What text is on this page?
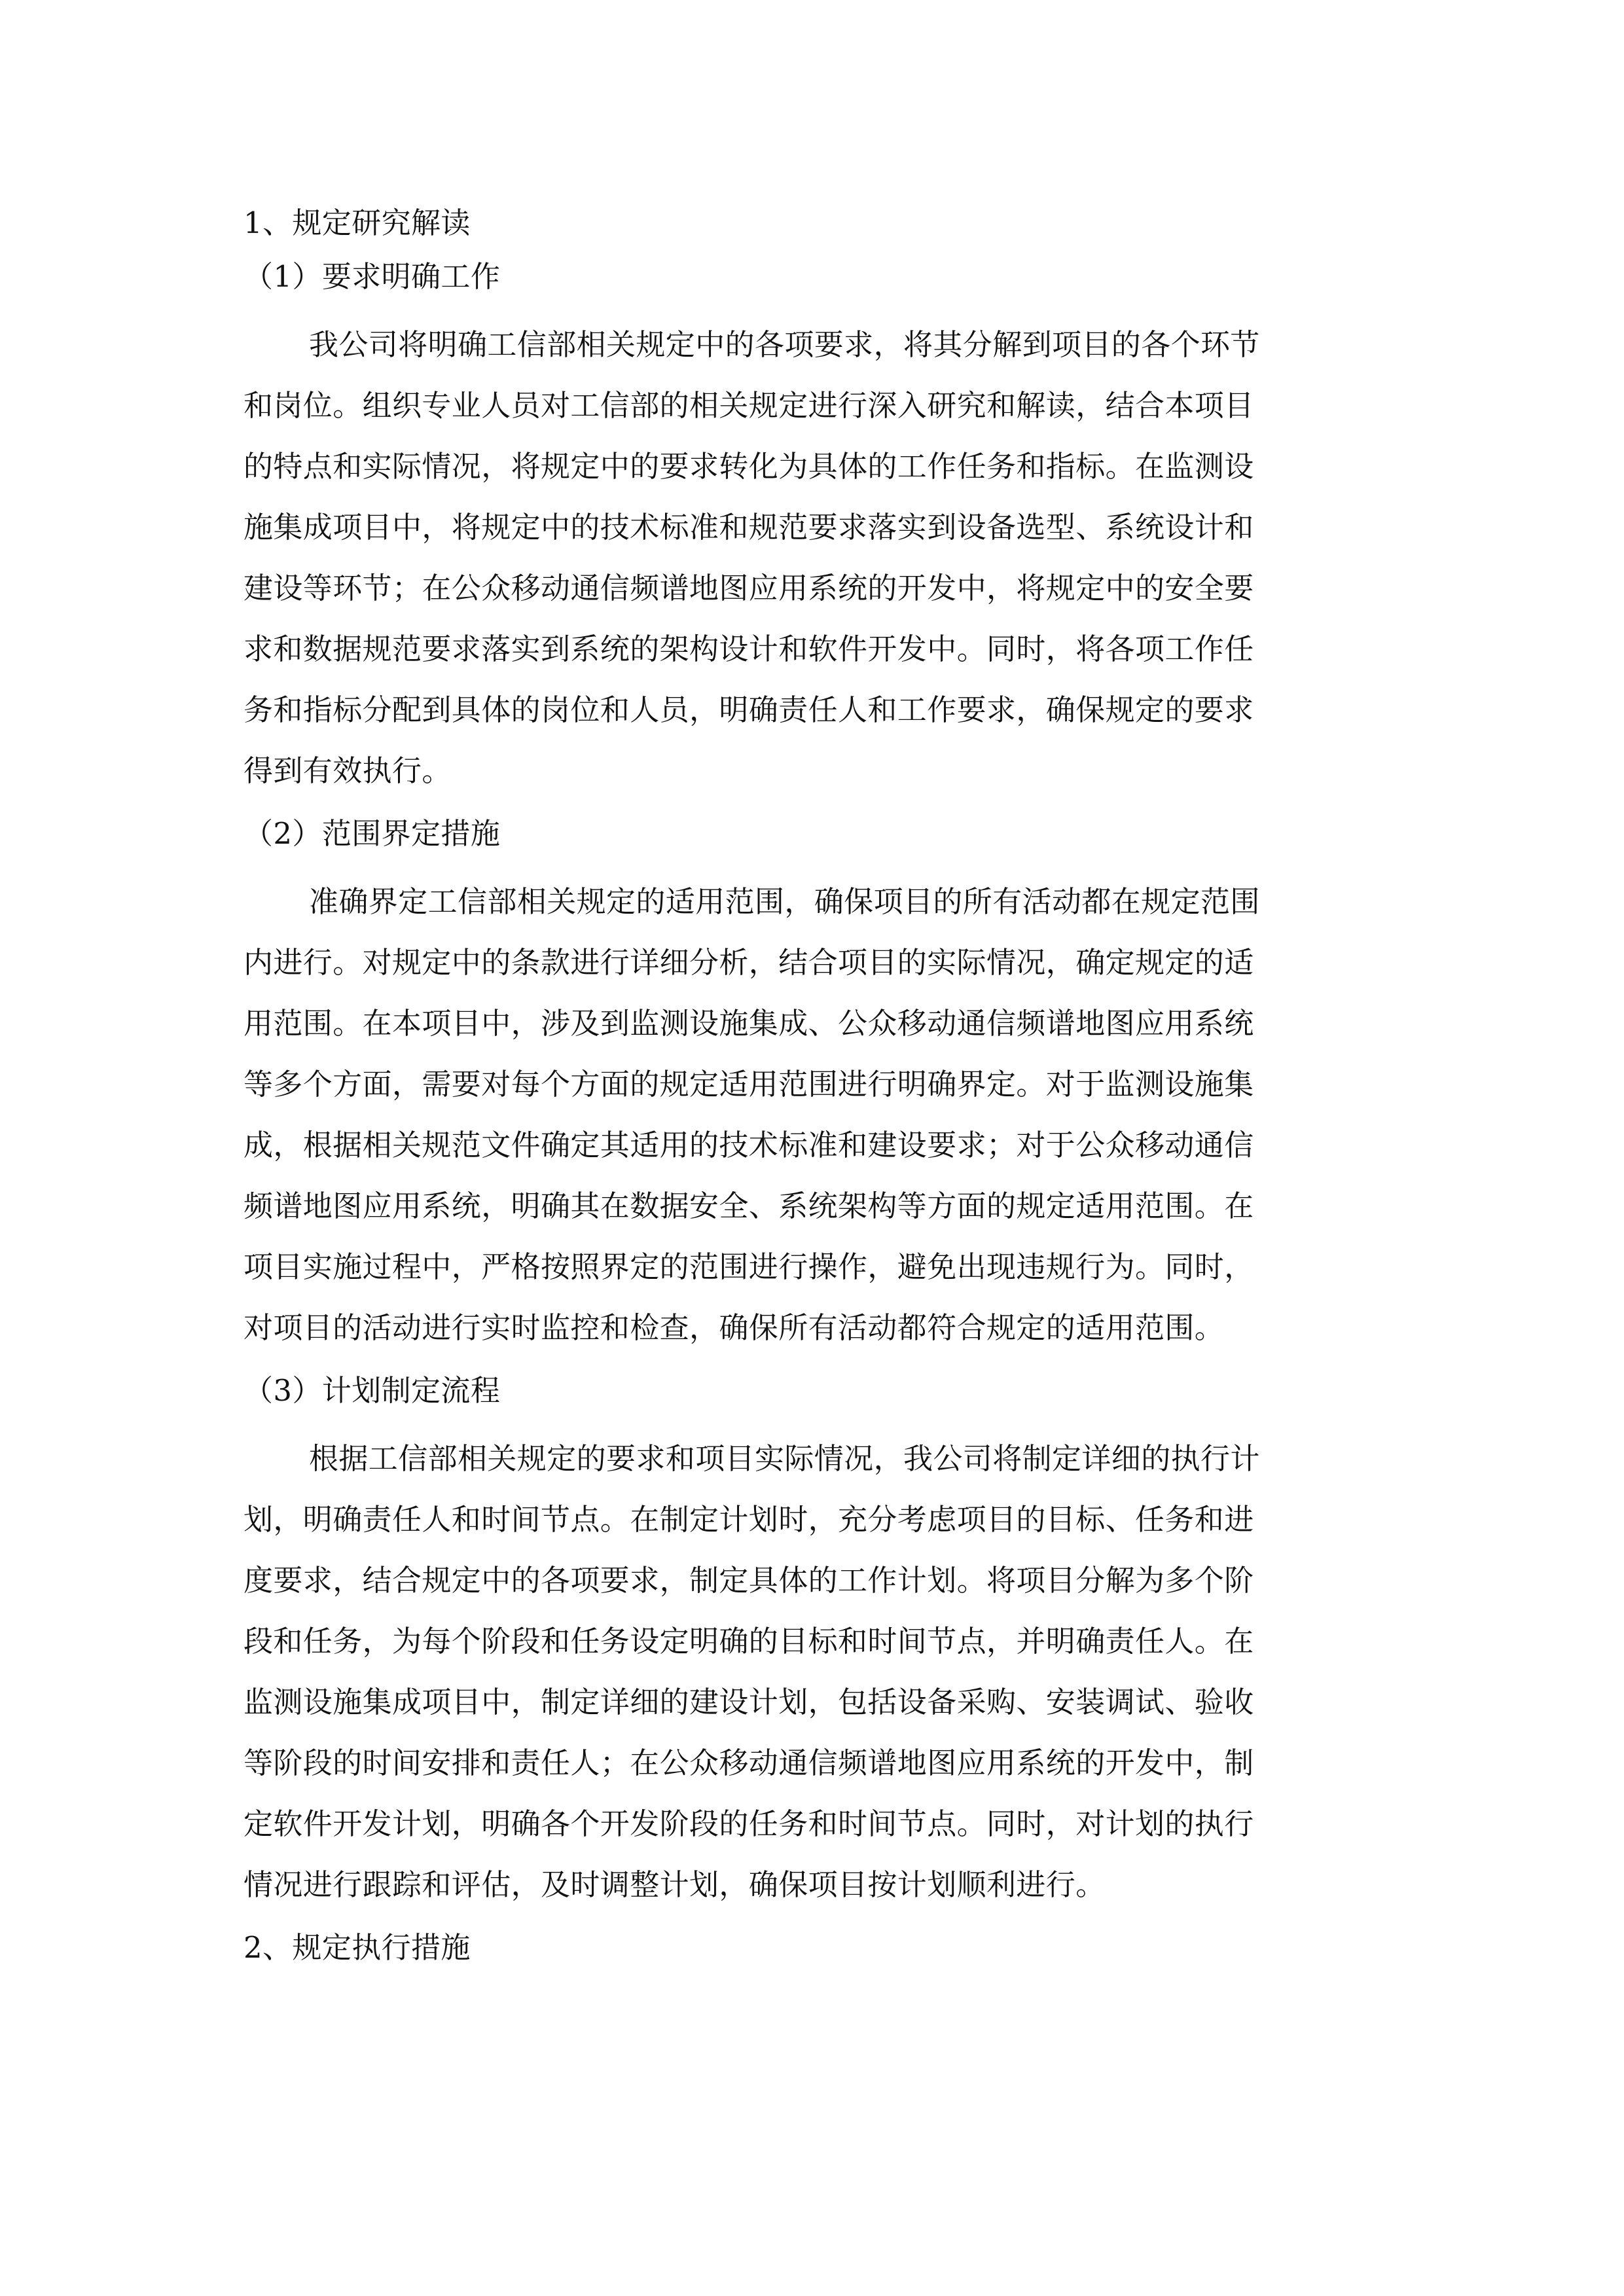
1、规定研究解读
（1）要求明确工作
我公司将明确工信部相关规定中的各项要求，将其分解到项目的各个环节
和岗位。组织专业人员对工信部的相关规定进行深入研究和解读，结合本项目
的特点和实际情况，将规定中的要求转化为具体的工作任务和指标。在监测设
施集成项目中，将规定中的技术标准和规范要求落实到设备选型、系统设计和
建设等环节；在公众移动通信频谱地图应用系统的开发中，将规定中的安全要
求和数据规范要求落实到系统的架构设计和软件开发中。同时，将各项工作任
务和指标分配到具体的岗位和人员，明确责任人和工作要求，确保规定的要求
得到有效执行。
（2）范围界定措施
准确界定工信部相关规定的适用范围，确保项目的所有活动都在规定范围
内进行。对规定中的条款进行详细分析，结合项目的实际情况，确定规定的适
用范围。在本项目中，涉及到监测设施集成、公众移动通信频谱地图应用系统
等多个方面，需要对每个方面的规定适用范围进行明确界定。对于监测设施集
成，根据相关规范文件确定其适用的技术标准和建设要求；对于公众移动通信
频谱地图应用系统，明确其在数据安全、系统架构等方面的规定适用范围。在
项目实施过程中，严格按照界定的范围进行操作，避免出现违规行为。同时，
对项目的活动进行实时监控和检查，确保所有活动都符合规定的适用范围。
（3）计划制定流程
根据工信部相关规定的要求和项目实际情况，我公司将制定详细的执行计
划，明确责任人和时间节点。在制定计划时，充分考虑项目的目标、任务和进
度要求，结合规定中的各项要求，制定具体的工作计划。将项目分解为多个阶
段和任务，为每个阶段和任务设定明确的目标和时间节点，并明确责任人。在
监测设施集成项目中，制定详细的建设计划，包括设备采购、安装调试、验收
等阶段的时间安排和责任人；在公众移动通信频谱地图应用系统的开发中，制
定软件开发计划，明确各个开发阶段的任务和时间节点。同时，对计划的执行
情况进行跟踪和评估，及时调整计划，确保项目按计划顺利进行。
2、规定执行措施
